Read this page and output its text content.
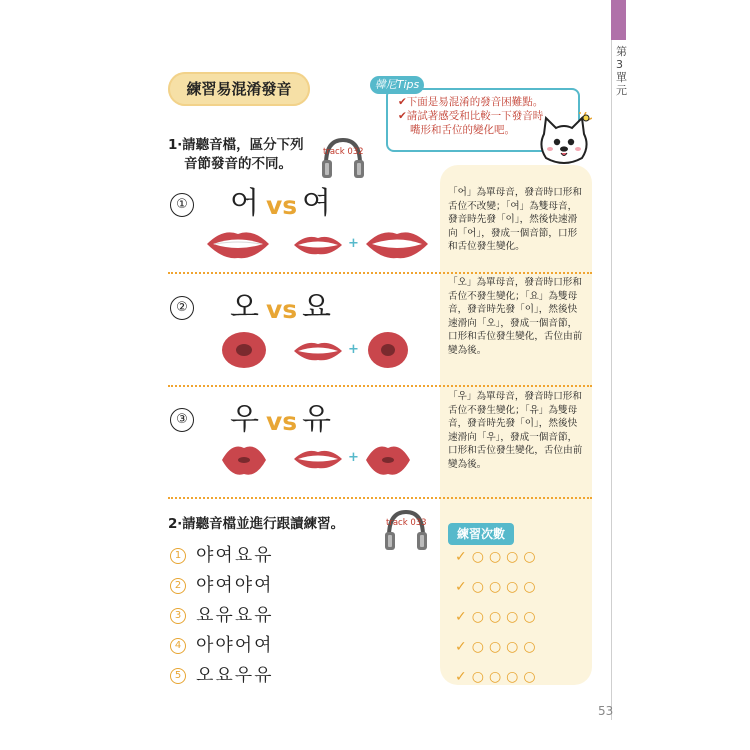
第
3
單
元
練習易混淆發音	韓尼Tips
✔下面是易混淆的發音困難點。
✔請試著感受和比較一下發音時
嘴形和舌位的變化吧。
1‧請聽音檔，區分下列
音節發音的不同。
track 032
① 어 vs 여
+
「어」為單母音，發音時口形和舌位不改變；「여」為雙母音，發音時先發「이」，然後快速滑向「어」，發成一個音節，口形和舌位發生變化。
② 오 vs 요
+
「오」為單母音，發音時口形和舌位不發生變化；「요」為雙母音，發音時先發「이」，然後快速滑向「오」，發成一個音節，口形和舌位發生變化，舌位由前變為後。
③ 우 vs 유
+
「우」為單母音，發音時口形和舌位不發生變化；「유」為雙母音，發音時先發「이」，然後快速滑向「우」，發成一個音節，口形和舌位發生變化，舌位由前變為後。
2‧請聽音檔並進行跟讀練習。	track 033
練習次數
1 야여요유
2 야여야여
3 요유요유
4 아야어여
5 오요우유
✓○○○○
✓○○○○
✓○○○○
✓○○○○
✓○○○○
53
